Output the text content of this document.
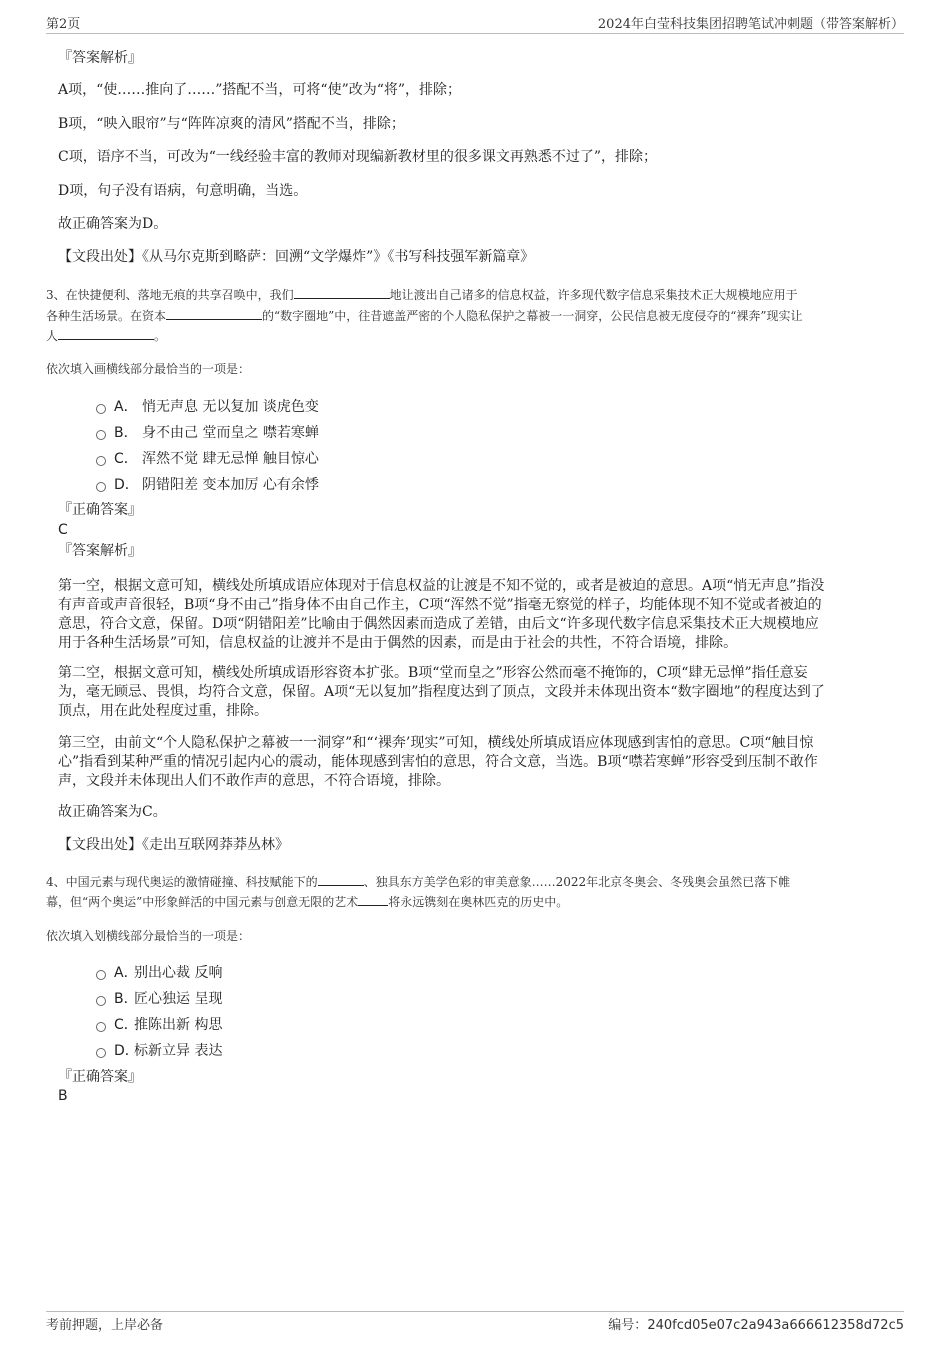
第2页	2024年白莹科技集团招聘笔试冲刺题（带答案解析）
『答案解析』
A项，“使……推向了……”搭配不当，可将“使”改为“将”，排除；
B项，“映入眼帘”与“阵阵凉爽的清风”搭配不当，排除；
C项，语序不当，可改为“一线经验丰富的教师对现编新教材里的很多课文再熟悉不过了”，排除；
D项，句子没有语病，句意明确，当选。
故正确答案为D。
【文段出处】《从马尔克斯到略萨：回溯“文学爆炸”》《书写科技强军新篇章》
3、在快捷便利、落地无痕的共享召唤中，我们	地让渡出自己诸多的信息权益，许多现代数字信息采集技术正大规模地应用于
各种生活场景。在资本	的“数字圈地”中，往昔遮盖严密的个人隐私保护之幕被一一洞穿，公民信息被无度侵夺的“裸奔”现实让
人	。
依次填入画横线部分最恰当的一项是：
A． 悄无声息 无以复加 谈虎色变
B． 身不由己 堂而皇之 噤若寒蝉
C． 浑然不觉 肆无忌惮 触目惊心
D． 阴错阳差 变本加厉 心有余悸
『正确答案』
C
『答案解析』
第一空，根据文意可知，横线处所填成语应体现对于信息权益的让渡是不知不觉的，或者是被迫的意思。A项“悄无声息”指没
有声音或声音很轻，B项“身不由己”指身体不由自己作主，C项“浑然不觉”指毫无察觉的样子，均能体现不知不觉或者被迫的
意思，符合文意，保留。D项“阴错阳差”比喻由于偶然因素而造成了差错，由后文“许多现代数字信息采集技术正大规模地应
用于各种生活场景”可知，信息权益的让渡并不是由于偶然的因素，而是由于社会的共性，不符合语境，排除。
第二空，根据文意可知，横线处所填成语形容资本扩张。B项“堂而皇之”形容公然而毫不掩饰的，C项“肆无忌惮”指任意妄
为，毫无顾忌、畏惧，均符合文意，保留。A项“无以复加”指程度达到了顶点，文段并未体现出资本“数字圈地”的程度达到了
顶点，用在此处程度过重，排除。
第三空，由前文“个人隐私保护之幕被一一洞穿”和“‘裸奔’现实”可知，横线处所填成语应体现感到害怕的意思。C项“触目惊
心”指看到某种严重的情况引起内心的震动，能体现感到害怕的意思，符合文意，当选。B项“噤若寒蝉”形容受到压制不敢作
声，文段并未体现出人们不敢作声的意思，不符合语境，排除。
故正确答案为C。
【文段出处】《走出互联网莽莽丛林》
4、中国元素与现代奥运的激情碰撞、科技赋能下的	、独具东方美学色彩的审美意象……2022年北京冬奥会、冬残奥会虽然已落下帷
幕，但“两个奥运”中形象鲜活的中国元素与创意无限的艺术	将永远镌刻在奥林匹克的历史中。
依次填入划横线部分最恰当的一项是：
A．
别出心裁 反响
B．
匠心独运 呈现
C．
推陈出新 构思
D．
标新立异 表达
『正确答案』
B
考前押题，上岸必备	编号：240fcd05e07c2a943a666612358d72c5
